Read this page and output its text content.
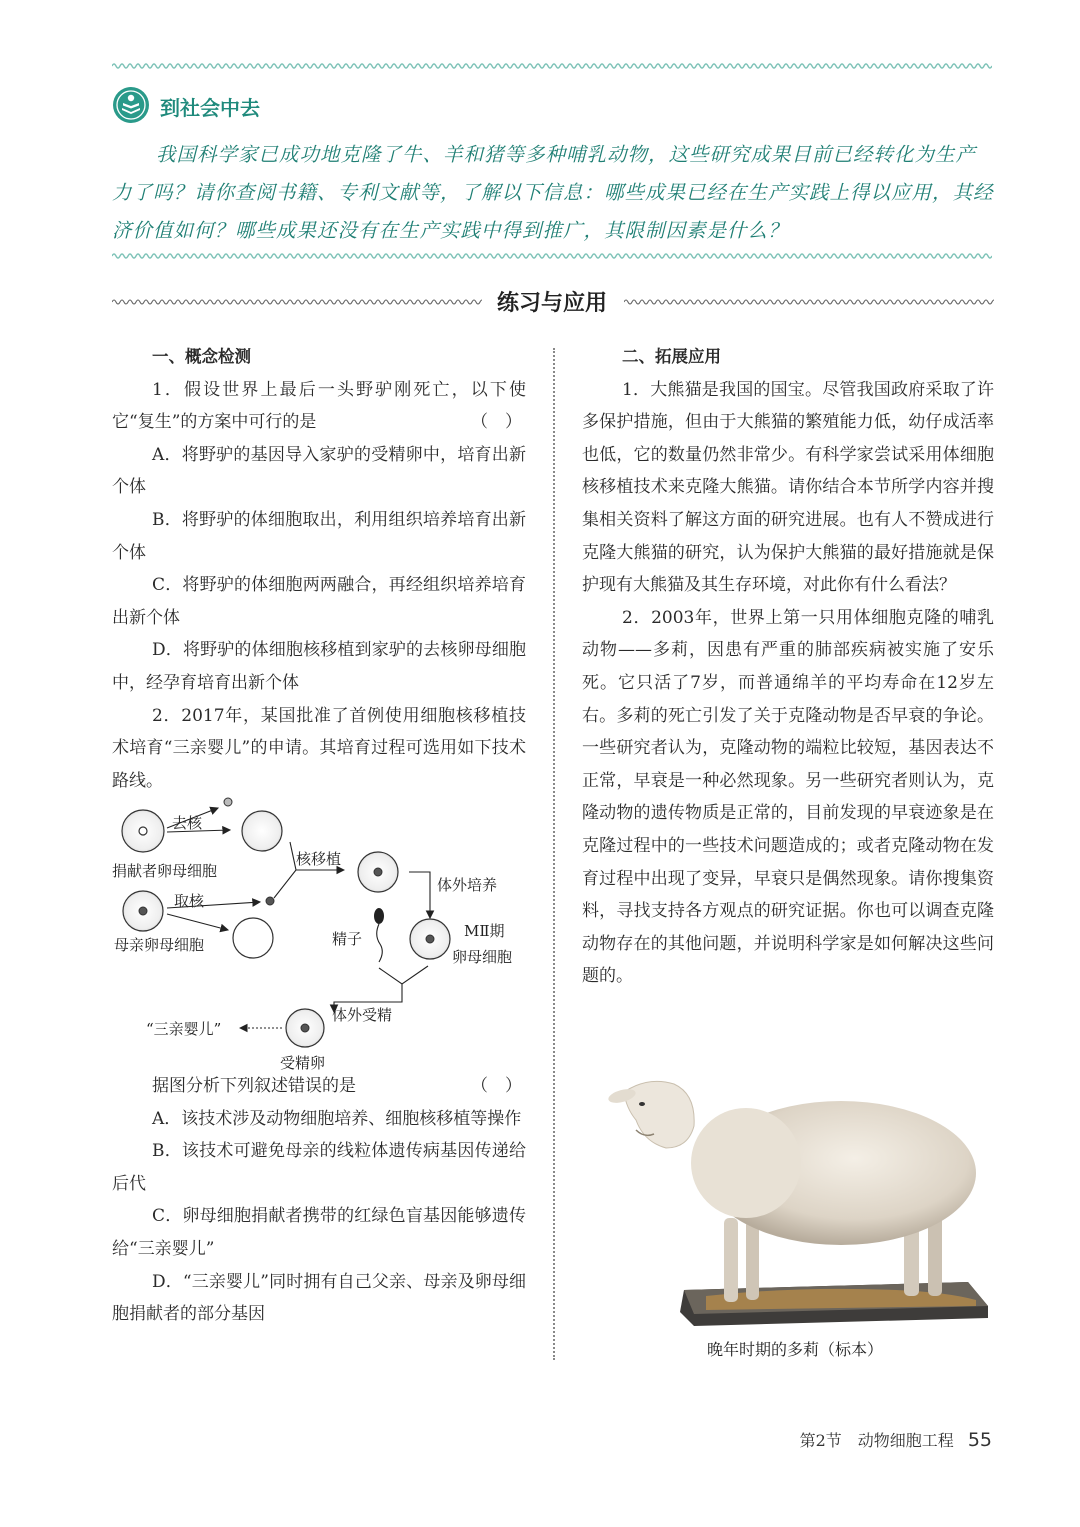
到社会中去
我国科学家已成功地克隆了牛、羊和猪等多种哺乳动物，这些研究成果目前已经转化为生产力了吗？请你查阅书籍、专利文献等，了解以下信息：哪些成果已经在生产实践上得以应用，其经济价值如何？哪些成果还没有在生产实践中得到推广，其限制因素是什么？
练习与应用

一、概念检测

1．假设世界上最后一头野驴刚死亡，以下使它“复生”的方案中可行的是	（　）

A．将野驴的基因导入家驴的受精卵中，培育出新个体

B．将野驴的体细胞取出，利用组织培养培育出新个体

C．将野驴的体细胞两两融合，再经组织培养培育出新个体

D．将野驴的体细胞核移植到家驴的去核卵母细胞中，经孕育培育出新个体

2．2017年，某国批准了首例使用细胞核移植技术培育“三亲婴儿”的申请。其培育过程可选用如下技术路线。

去核
捐献者卵母细胞
核移植
取核
体外培养
母亲卵母细胞	精子	MⅡ期
卵母细胞
体外受精
“三亲婴儿”
受精卵

据图分析下列叙述错误的是	（　）

A．该技术涉及动物细胞培养、细胞核移植等操作

B．该技术可避免母亲的线粒体遗传病基因传递给后代

C．卵母细胞捐献者携带的红绿色盲基因能够遗传给“三亲婴儿”

D．“三亲婴儿”同时拥有自己父亲、母亲及卵母细胞捐献者的部分基因

二、拓展应用

1．大熊猫是我国的国宝。尽管我国政府采取了许多保护措施，但由于大熊猫的繁殖能力低，幼仔成活率也低，它的数量仍然非常少。有科学家尝试采用体细胞核移植技术来克隆大熊猫。请你结合本节所学内容并搜集相关资料了解这方面的研究进展。也有人不赞成进行克隆大熊猫的研究，认为保护大熊猫的最好措施就是保护现有大熊猫及其生存环境，对此你有什么看法？

2．2003年，世界上第一只用体细胞克隆的哺乳动物——多莉，因患有严重的肺部疾病被实施了安乐死。它只活了7岁，而普通绵羊的平均寿命在12岁左右。多莉的死亡引发了关于克隆动物是否早衰的争论。一些研究者认为，克隆动物的端粒比较短，基因表达不正常，早衰是一种必然现象。另一些研究者则认为，克隆动物的遗传物质是正常的，目前发现的早衰迹象是在克隆过程中的一些技术问题造成的；或者克隆动物在发育过程中出现了变异，早衰只是偶然现象。请你搜集资料，寻找支持各方观点的研究证据。你也可以调查克隆动物存在的其他问题，并说明科学家是如何解决这些问题的。

晚年时期的多莉（标本）
第2节　动物细胞工程 55
